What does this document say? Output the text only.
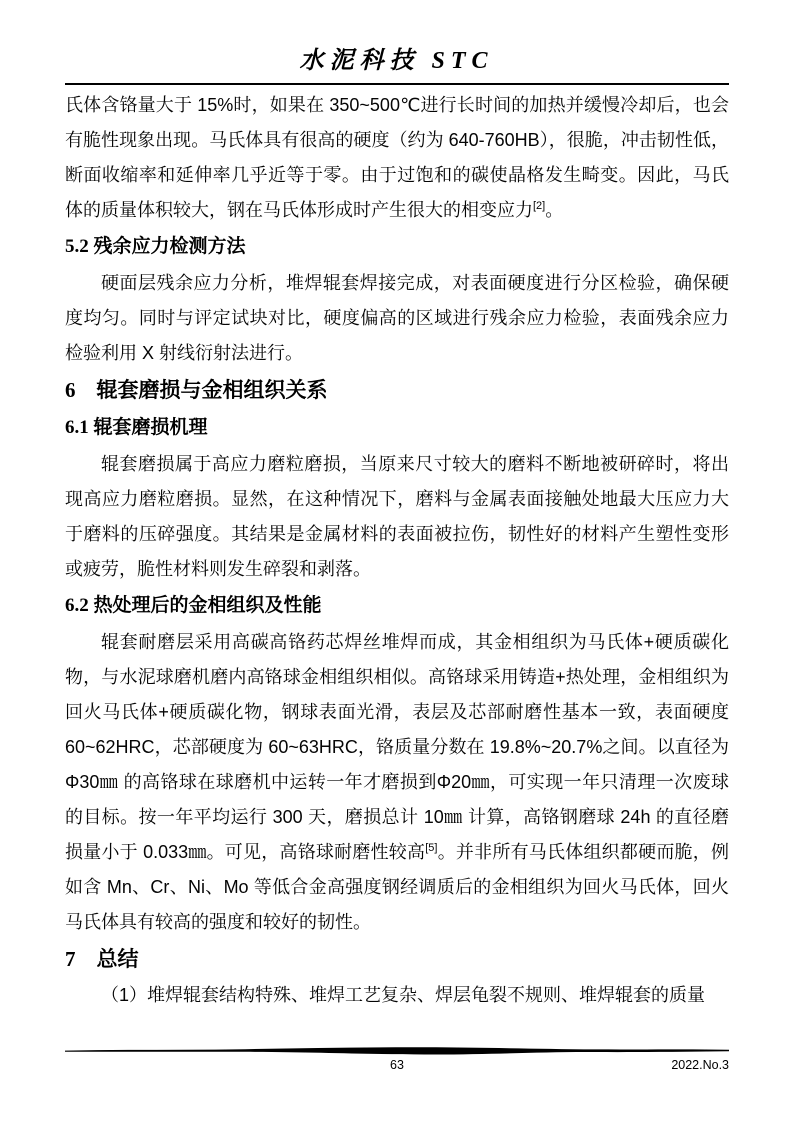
水泥科技 STC

氏体含铬量大于 15%时，如果在 350~500℃进行长时间的加热并缓慢冷却后，也会有脆性现象出现。马氏体具有很高的硬度（约为 640-760HB），很脆，冲击韧性低，断面收缩率和延伸率几乎近等于零。由于过饱和的碳使晶格发生畸变。因此，马氏体的质量体积较大，钢在马氏体形成时产生很大的相变应力[2]。

5.2 残余应力检测方法

硬面层残余应力分析，堆焊辊套焊接完成，对表面硬度进行分区检验，确保硬度均匀。同时与评定试块对比，硬度偏高的区域进行残余应力检验，表面残余应力检验利用 X 射线衍射法进行。

6　辊套磨损与金相组织关系
6.1 辊套磨损机理

辊套磨损属于高应力磨粒磨损，当原来尺寸较大的磨料不断地被研碎时，将出现高应力磨粒磨损。显然，在这种情况下，磨料与金属表面接触处地最大压应力大于磨料的压碎强度。其结果是金属材料的表面被拉伤，韧性好的材料产生塑性变形或疲劳，脆性材料则发生碎裂和剥落。

6.2 热处理后的金相组织及性能

辊套耐磨层采用高碳高铬药芯焊丝堆焊而成，其金相组织为马氏体+硬质碳化物，与水泥球磨机磨内高铬球金相组织相似。高铬球采用铸造+热处理，金相组织为回火马氏体+硬质碳化物，钢球表面光滑，表层及芯部耐磨性基本一致，表面硬度 60~62HRC，芯部硬度为 60~63HRC，铬质量分数在 19.8%~20.7%之间。以直径为Φ30㎜ 的高铬球在球磨机中运转一年才磨损到Φ20㎜，可实现一年只清理一次废球的目标。按一年平均运行 300 天，磨损总计 10㎜ 计算，高铬钢磨球 24h 的直径磨损量小于 0.033㎜。可见，高铬球耐磨性较高[5]。并非所有马氏体组织都硬而脆，例如含 Mn、Cr、Ni、Mo 等低合金高强度钢经调质后的金相组织为回火马氏体，回火马氏体具有较高的强度和较好的韧性。

7　总结

（1）堆焊辊套结构特殊、堆焊工艺复杂、焊层龟裂不规则、堆焊辊套的质量

63	2022.No.3
